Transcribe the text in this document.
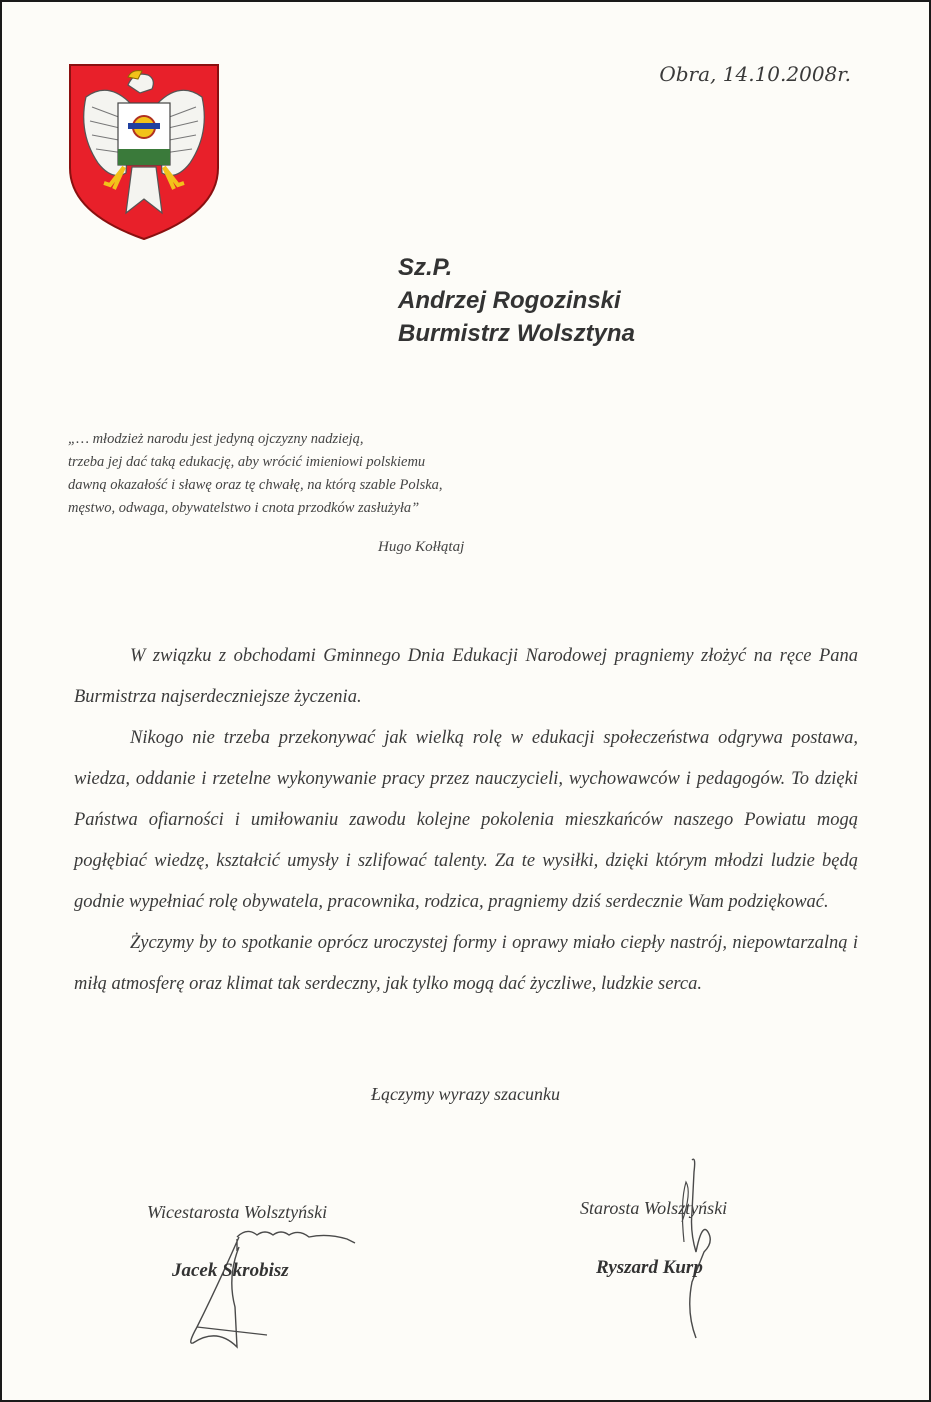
Obra, 14.10.2008r.
Sz.P.
Andrzej Rogozinski
Burmistrz Wolsztyna
„… młodzież narodu jest jedyną ojczyzny nadzieją,
trzeba jej dać taką edukację, aby wrócić imieniowi polskiemu
dawną okazałość i sławę oraz tę chwałę, na którą szable Polska,
męstwo, odwaga, obywatelstwo i cnota przodków zasłużyła”
Hugo Kołłątaj

W związku z obchodami Gminnego Dnia Edukacji Narodowej pragniemy złożyć na ręce Pana Burmistrza najserdeczniejsze życzenia.

Nikogo nie trzeba przekonywać jak wielką rolę w edukacji społeczeństwa odgrywa postawa, wiedza, oddanie i rzetelne wykonywanie pracy przez nauczycieli, wychowawców i pedagogów. To dzięki Państwa ofiarności i umiłowaniu zawodu kolejne pokolenia mieszkańców naszego Powiatu mogą pogłębiać wiedzę, kształcić umysły i szlifować talenty. Za te wysiłki, dzięki którym młodzi ludzie będą godnie wypełniać rolę obywatela, pracownika, rodzica, pragniemy dziś serdecznie Wam podziękować.

Życzymy by to spotkanie oprócz uroczystej formy i oprawy miało ciepły nastrój, niepowtarzalną i miłą atmosferę oraz klimat tak serdeczny, jak tylko mogą dać życzliwe, ludzkie serca.

Łączymy wyrazy szacunku
Wicestarosta Wolsztyński
Jacek Skrobisz
Starosta Wolsztyński
Ryszard Kurp
